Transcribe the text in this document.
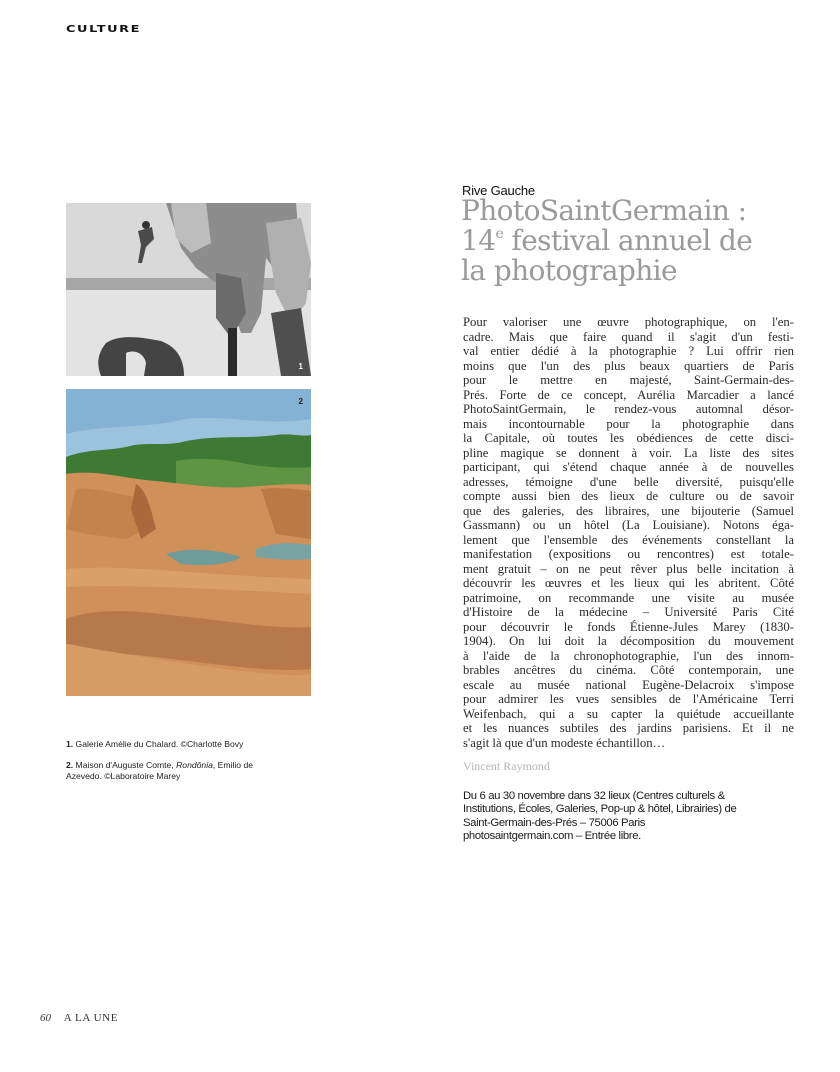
CULTURE
1
2

1. Galerie Amélie du Chalard. ©Charlotte Bovy

2. Maison d'Auguste Comte, Rondônia, Emilio de Azevedo. ©Laboratoire Marey

Rive Gauche
PhotoSaintGermain :
14e festival annuel de
la photographie
Pour valoriser une œuvre photographique, on l'en-
cadre. Mais que faire quand il s'agit d'un festi-
val entier dédié à la photographie ? Lui offrir rien
moins que l'un des plus beaux quartiers de Paris
pour le mettre en majesté, Saint-Germain-des-
Prés. Forte de ce concept, Aurélia Marcadier a lancé
PhotoSaintGermain, le rendez-vous automnal désor-
mais incontournable pour la photographie dans
la Capitale, où toutes les obédiences de cette disci-
pline magique se donnent à voir. La liste des sites
participant, qui s'étend chaque année à de nouvelles
adresses, témoigne d'une belle diversité, puisqu'elle
compte aussi bien des lieux de culture ou de savoir
que des galeries, des libraires, une bijouterie (Samuel
Gassmann) ou un hôtel (La Louisiane). Notons éga-
lement que l'ensemble des événements constellant la
manifestation (expositions ou rencontres) est totale-
ment gratuit – on ne peut rêver plus belle incitation à
découvrir les œuvres et les lieux qui les abritent. Côté
patrimoine, on recommande une visite au musée
d'Histoire de la médecine – Université Paris Cité
pour découvrir le fonds Étienne-Jules Marey (1830-
1904). On lui doit la décomposition du mouvement
à l'aide de la chronophotographie, l'un des innom-
brables ancêtres du cinéma. Côté contemporain, une
escale au musée national Eugène-Delacroix s'impose
pour admirer les vues sensibles de l'Américaine Terri
Weifenbach, qui a su capter la quiétude accueillante
et les nuances subtiles des jardins parisiens. Et il ne
s'agit là que d'un modeste échantillon…
Vincent Raymond
Du 6 au 30 novembre dans 32 lieux (Centres culturels &
Institutions, Écoles, Galeries, Pop-up & hôtel, Librairies) de
Saint-Germain-des-Prés – 75006 Paris
photosaintgermain.com – Entrée libre.
60 A LA UNE
